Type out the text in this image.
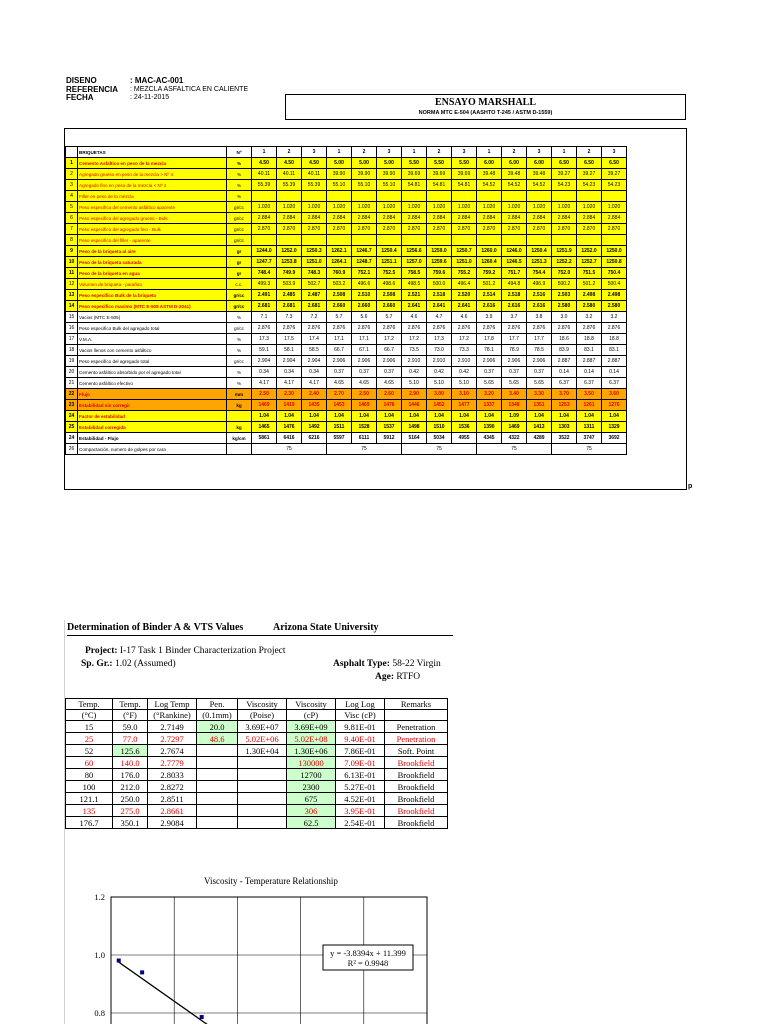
DISENO	: MAC-AC-001
REFERENCIA	: MEZCLA ASFALTICA EN CALIENTE
FECHA	: 24-11-2015	ENSAYO MARSHALL
NORMA MTC E-504 (AASHTO T-245 / ASTM D-1559)
	BRIQUETAS	Nº	1	2	3	1	2	3	1	2	3	1	2	3	1	2	3
1	Cemento Asfaltico en peso de la mezcla	%	4.50	4.50	4.50	5.00	5.00	5.00	5.50	5.50	5.50	6.00	6.00	6.00	6.50	6.50	6.50
2	Agregado grueso en peso de la mezcla > Nº 4	%	40.11	40.11	40.11	39.90	39.90	39.90	39.69	39.69	39.69	39.48	39.48	39.48	39.27	39.27	39.27
3	Agregado fino en peso de la mezcla < Nº 4	%	55.39	55.39	55.39	55.10	55.10	55.10	54.81	54.81	54.81	54.52	54.52	54.52	54.23	54.23	54.23
4	Filler en peso de la mezcla	%															
5	Peso especifico del cemento asfáltico aparente	gr/cc	1.020	1.020	1.020	1.020	1.020	1.020	1.020	1.020	1.020	1.020	1.020	1.020	1.020	1.020	1.020
6	Peso especifico del agregado grueso - Bulk	gr/cc	2.884	2.884	2.884	2.884	2.884	2.884	2.884	2.884	2.884	2.884	2.884	2.884	2.884	2.884	2.884
7	Peso especifico del agregado fino - Bulk	gr/cc	2.870	2.870	2.870	2.870	2.870	2.870	2.870	2.870	2.870	2.870	2.870	2.870	2.870	2.870	2.870
8	Peso especifico del filler - aparente	gr/cc															
9	Peso de la briqueta al aire	gr	1244.0	1252.0	1250.3	1262.1	1246.7	1250.4	1256.6	1259.0	1250.7	1260.0	1246.0	1250.4	1251.9	1252.0	1250.0
10	Peso de la briqueta saturada	gr	1247.7	1253.8	1251.0	1264.1	1248.7	1251.1	1257.0	1259.6	1251.0	1260.4	1246.5	1251.3	1252.2	1252.7	1250.8
11	Peso de la briqueta en agua	gr	748.4	749.9	748.3	760.9	752.1	752.5	758.5	759.6	755.2	759.2	751.7	754.4	752.0	751.5	750.4
12	Volumen de briqueta - parafina	c.c.	499.3	503.9	502.7	503.2	496.6	498.6	498.5	500.0	496.4	501.2	494.8	496.9	500.2	501.2	500.4
13	Peso especifico Bulk de la briqueta	gr/cc	2.491	2.485	2.487	2.508	2.510	2.508	2.521	2.518	2.520	2.514	2.518	2.516	2.503	2.498	2.498
14	Peso especifico maximo (MTC E-508 ASTM D-2041)	gr/cc	2.681	2.681	2.681	2.660	2.660	2.660	2.641	2.641	2.641	2.616	2.616	2.616	2.580	2.580	2.580
15	Vacios (MTC E-505)	%	7.1	7.3	7.2	5.7	5.6	5.7	4.6	4.7	4.6	3.9	3.7	3.8	3.0	3.2	3.2
16	Peso especifico Bulk del agregado total	gr/cc	2.876	2.876	2.876	2.876	2.876	2.876	2.876	2.876	2.876	2.876	2.876	2.876	2.876	2.876	2.876
17	V.M.A.	%	17.3	17.5	17.4	17.1	17.1	17.2	17.2	17.3	17.2	17.8	17.7	17.7	18.6	18.8	18.8
18	Vacios llenos con cemento asfáltico	%	59.1	58.1	58.5	66.7	67.1	66.7	73.5	73.0	73.3	78.1	78.9	78.5	83.9	83.1	83.1
19	Peso especifico del agregado total	gr/cc	2.904	2.904	2.904	2.906	2.906	2.906	2.910	2.910	2.910	2.906	2.906	2.906	2.887	2.887	2.887
20	Cemento asfáltico absorbido por el agregado total	%	0.34	0.34	0.34	0.37	0.37	0.37	0.42	0.42	0.42	0.37	0.37	0.37	0.14	0.14	0.14
21	Cemento asfáltico efectivo	%	4.17	4.17	4.17	4.65	4.65	4.65	5.10	5.10	5.10	5.65	5.65	5.65	6.37	6.37	6.37
22	Flujo	mm	2.50	2.30	2.40	2.70	2.50	2.60	2.90	3.00	3.10	3.20	3.40	3.30	3.70	3.50	3.60
23	Estabilidad sin corregir	kg	1469	1419	1435	1453	1469	1476	1446	1452	1477	1337	1348	1351	1253	1261	1276
24	Factor de estabilidad		1.04	1.04	1.04	1.04	1.04	1.04	1.04	1.04	1.04	1.04	1.09	1.04	1.04	1.04	1.04
25	Estabilidad corregida	kg	1465	1476	1492	1511	1528	1537	1498	1510	1536	1390	1469	1413	1303	1311	1329
24	Estabilidad - Flujo	kg/cm	5861	6416	6216	5597	6111	5912	5164	5034	4955	4345	4322	4289	3522	3747	3692
26	Compactación, numero de golpes por cara		75			75			75			75			75		
p
Determination of Binder A & VTS Values	Arizona State University
Project: I-17 Task 1 Binder Characterization Project
Sp. Gr.: 1.02 (Assumed)	Asphalt Type: 58-22 Virgin
Age: RTFO
Temp.	Temp.	Log Temp	Pen.	Viscosity	Viscosity	Log Log	Remarks
(°C)	(°F)	(°Rankine)	(0.1mm)	(Poise)	(cP)	Visc (cP)	
15	59.0	2.7149	20.0	3.69E+07	3.69E+09	9.81E-01	Penetration
25	77.0	2.7297	48.6	5.02E+06	5.02E+08	9.40E-01	Penetration
52	125.6	2.7674		1.30E+04	1.30E+06	7.86E-01	Soft. Point
60	140.0	2.7779			130000	7.09E-01	Brookfield
80	176.0	2.8033			12700	6.13E-01	Brookfield
100	212.0	2.8272			2300	5.27E-01	Brookfield
121.1	250.0	2.8511			675	4.52E-01	Brookfield
135	275.0	2.8661			306	3.95E-01	Brookfield
176.7	350.1	2.9084			62.5	2.54E-01	Brookfield
Viscosity - Temperature Relationship
1.2
1.0
0.8
y = -3.8394x + 11.399
R² = 0.9948
